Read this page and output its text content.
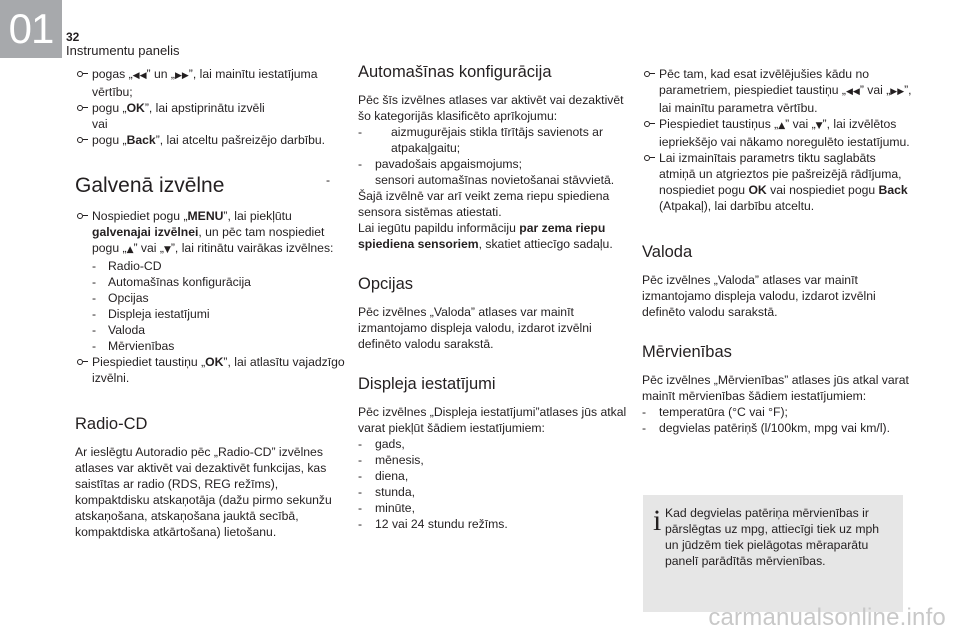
01	32
Instrumentu panelis

pogas „◀◀” un „▶▶”, lai mainītu iestatījuma vērtību;

pogu „OK”, lai apstiprinātu izvēli

vai

pogu „Back”, lai atceltu pašreizējo darbību.

Galvenā izvēlne

Nospiediet pogu „MENU”, lai piekļūtu galvenajai izvēlnei, un pēc tam nospiediet pogu „▲” vai „▼”, lai ritinātu vairākas izvēlnes:

- Radio-CD

- Automašīnas konfigurācija

- Opcijas

- Displeja iestatījumi

- Valoda

- Mērvienības

Piespiediet taustiņu „OK”, lai atlasītu vajadzīgo izvēlni.

Radio-CD

Ar ieslēgtu Autoradio pēc „Radio-CD” izvēlnes atlases var aktivēt vai dezaktivēt funkcijas, kas saistītas ar radio (RDS, REG režīms), kompaktdisku atskaņotāja (dažu pirmo sekunžu atskaņošana, atskaņošana jauktā secībā, kompaktdiska atkārtošana) lietošanu.

Automašīnas konfigurācija

Pēc šīs izvēlnes atlases var aktivēt vai dezaktivēt šo kategorijās klasificēto aprīkojumu:

- aizmugurējais stikla tīrītājs savienots ar atpakaļgaitu;

- pavadošais apgaismojums;

-	sensori automašīnas novietošanai stāvvietā.

Šajā izvēlnē var arī veikt zema riepu spiediena sensora sistēmas atiestati.

Lai iegūtu papildu informāciju par zema riepu spiediena sensoriem, skatiet attiecīgo sadaļu.

Opcijas

Pēc izvēlnes „Valoda” atlases var mainīt izmantojamo displeja valodu, izdarot izvēlni definēto valodu sarakstā.

Displeja iestatījumi

Pēc izvēlnes „Displeja iestatījumi”atlases jūs atkal varat piekļūt šādiem iestatījumiem:

- gads,

- mēnesis,

- diena,

- stunda,

- minūte,

- 12 vai 24 stundu režīms.

Pēc tam, kad esat izvēlējušies kādu no parametriem, piespiediet taustiņu „◀◀” vai „▶▶”, lai mainītu parametra vērtību.

Piespiediet taustiņus „▲” vai „▼”, lai izvēlētos iepriekšējo vai nākamo noregulēto iestatījumu.

Lai izmainītais parametrs tiktu saglabāts atmiņā un atgrieztos pie pašreizējā rādījuma, nospiediet pogu OK vai nospiediet pogu Back (Atpakaļ), lai darbību atceltu.

Valoda

Pēc izvēlnes „Valoda” atlases var mainīt izmantojamo displeja valodu, izdarot izvēlni definēto valodu sarakstā.

Mērvienības

Pēc izvēlnes „Mērvienības” atlases jūs atkal varat mainīt mērvienības šādiem iestatījumiem:

- temperatūra (°C vai °F);

- degvielas patēriņš (l/100km, mpg vai km/l).

i Kad degvielas patēriņa mērvienības ir pārslēgtas uz mpg, attiecīgi tiek uz mph un jūdzēm tiek pielāgotas mēraparātu panelī parādītās mērvienības.
carmanualsonline.info
